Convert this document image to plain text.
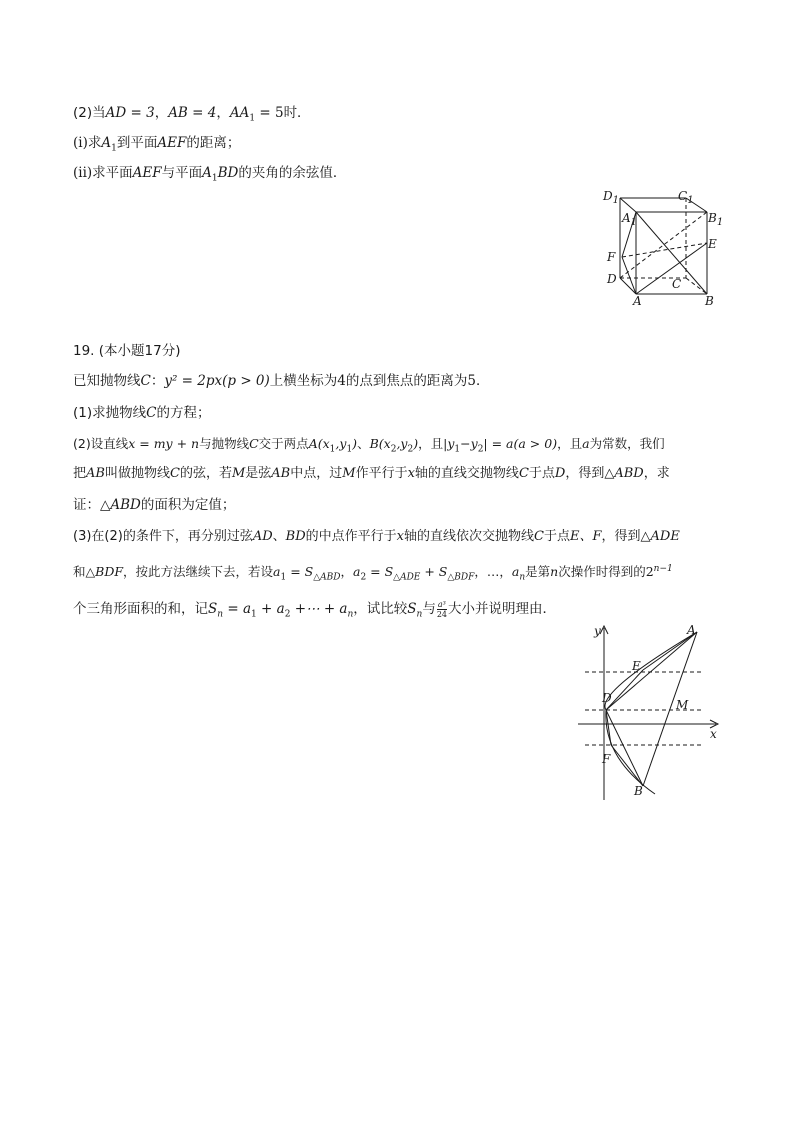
(2)当AD = 3，AB = 4，$AA_1 = 5$时．
(i)求$A_1$到平面AEF的距离；
(ii)求平面AEF与平面$A_1BD$的夹角的余弦值．
$D_1$	$C_1$
$A_1$	$B_1$
E
F
D	C
A	B
19. (本小题17分)
已知抛物线C：y² = 2px(p > 0)上横坐标为4的点到焦点的距离为5．
(1)求抛物线C的方程；
(2)设直线x = my + n与抛物线C交于两点$A(x_1,y_1)$、$B(x_2,y_2)$，且$|y_1-y_2| = a(a > 0)$，且a为常数，我们
把AB叫做抛物线C的弦，若M是弦AB中点，过M作平行于x轴的直线交抛物线C于点D，得到△ABD，求
证：△ABD的面积为定值；
(3)在(2)的条件下，再分别过弦AD、BD的中点作平行于x轴的直线依次交抛物线C于点E、F，得到△ADE
和△BDF，按此方法继续下去，若设$a_1 = S_{\triangle ABD}$，$a_2 = S_{\triangle ADE} + S_{\triangle BDF}$，…，$a_n$是第n次操作时得到的$2^{n-1}$
个三角形面积的和，记$S_n = a_1 + a_2$ +⋯ + $a_n$，试比较$S_n$与 $\frac{\text{a³}}{24}$ 大小并说明理由．
y
x
A
E
D	M
F
B
